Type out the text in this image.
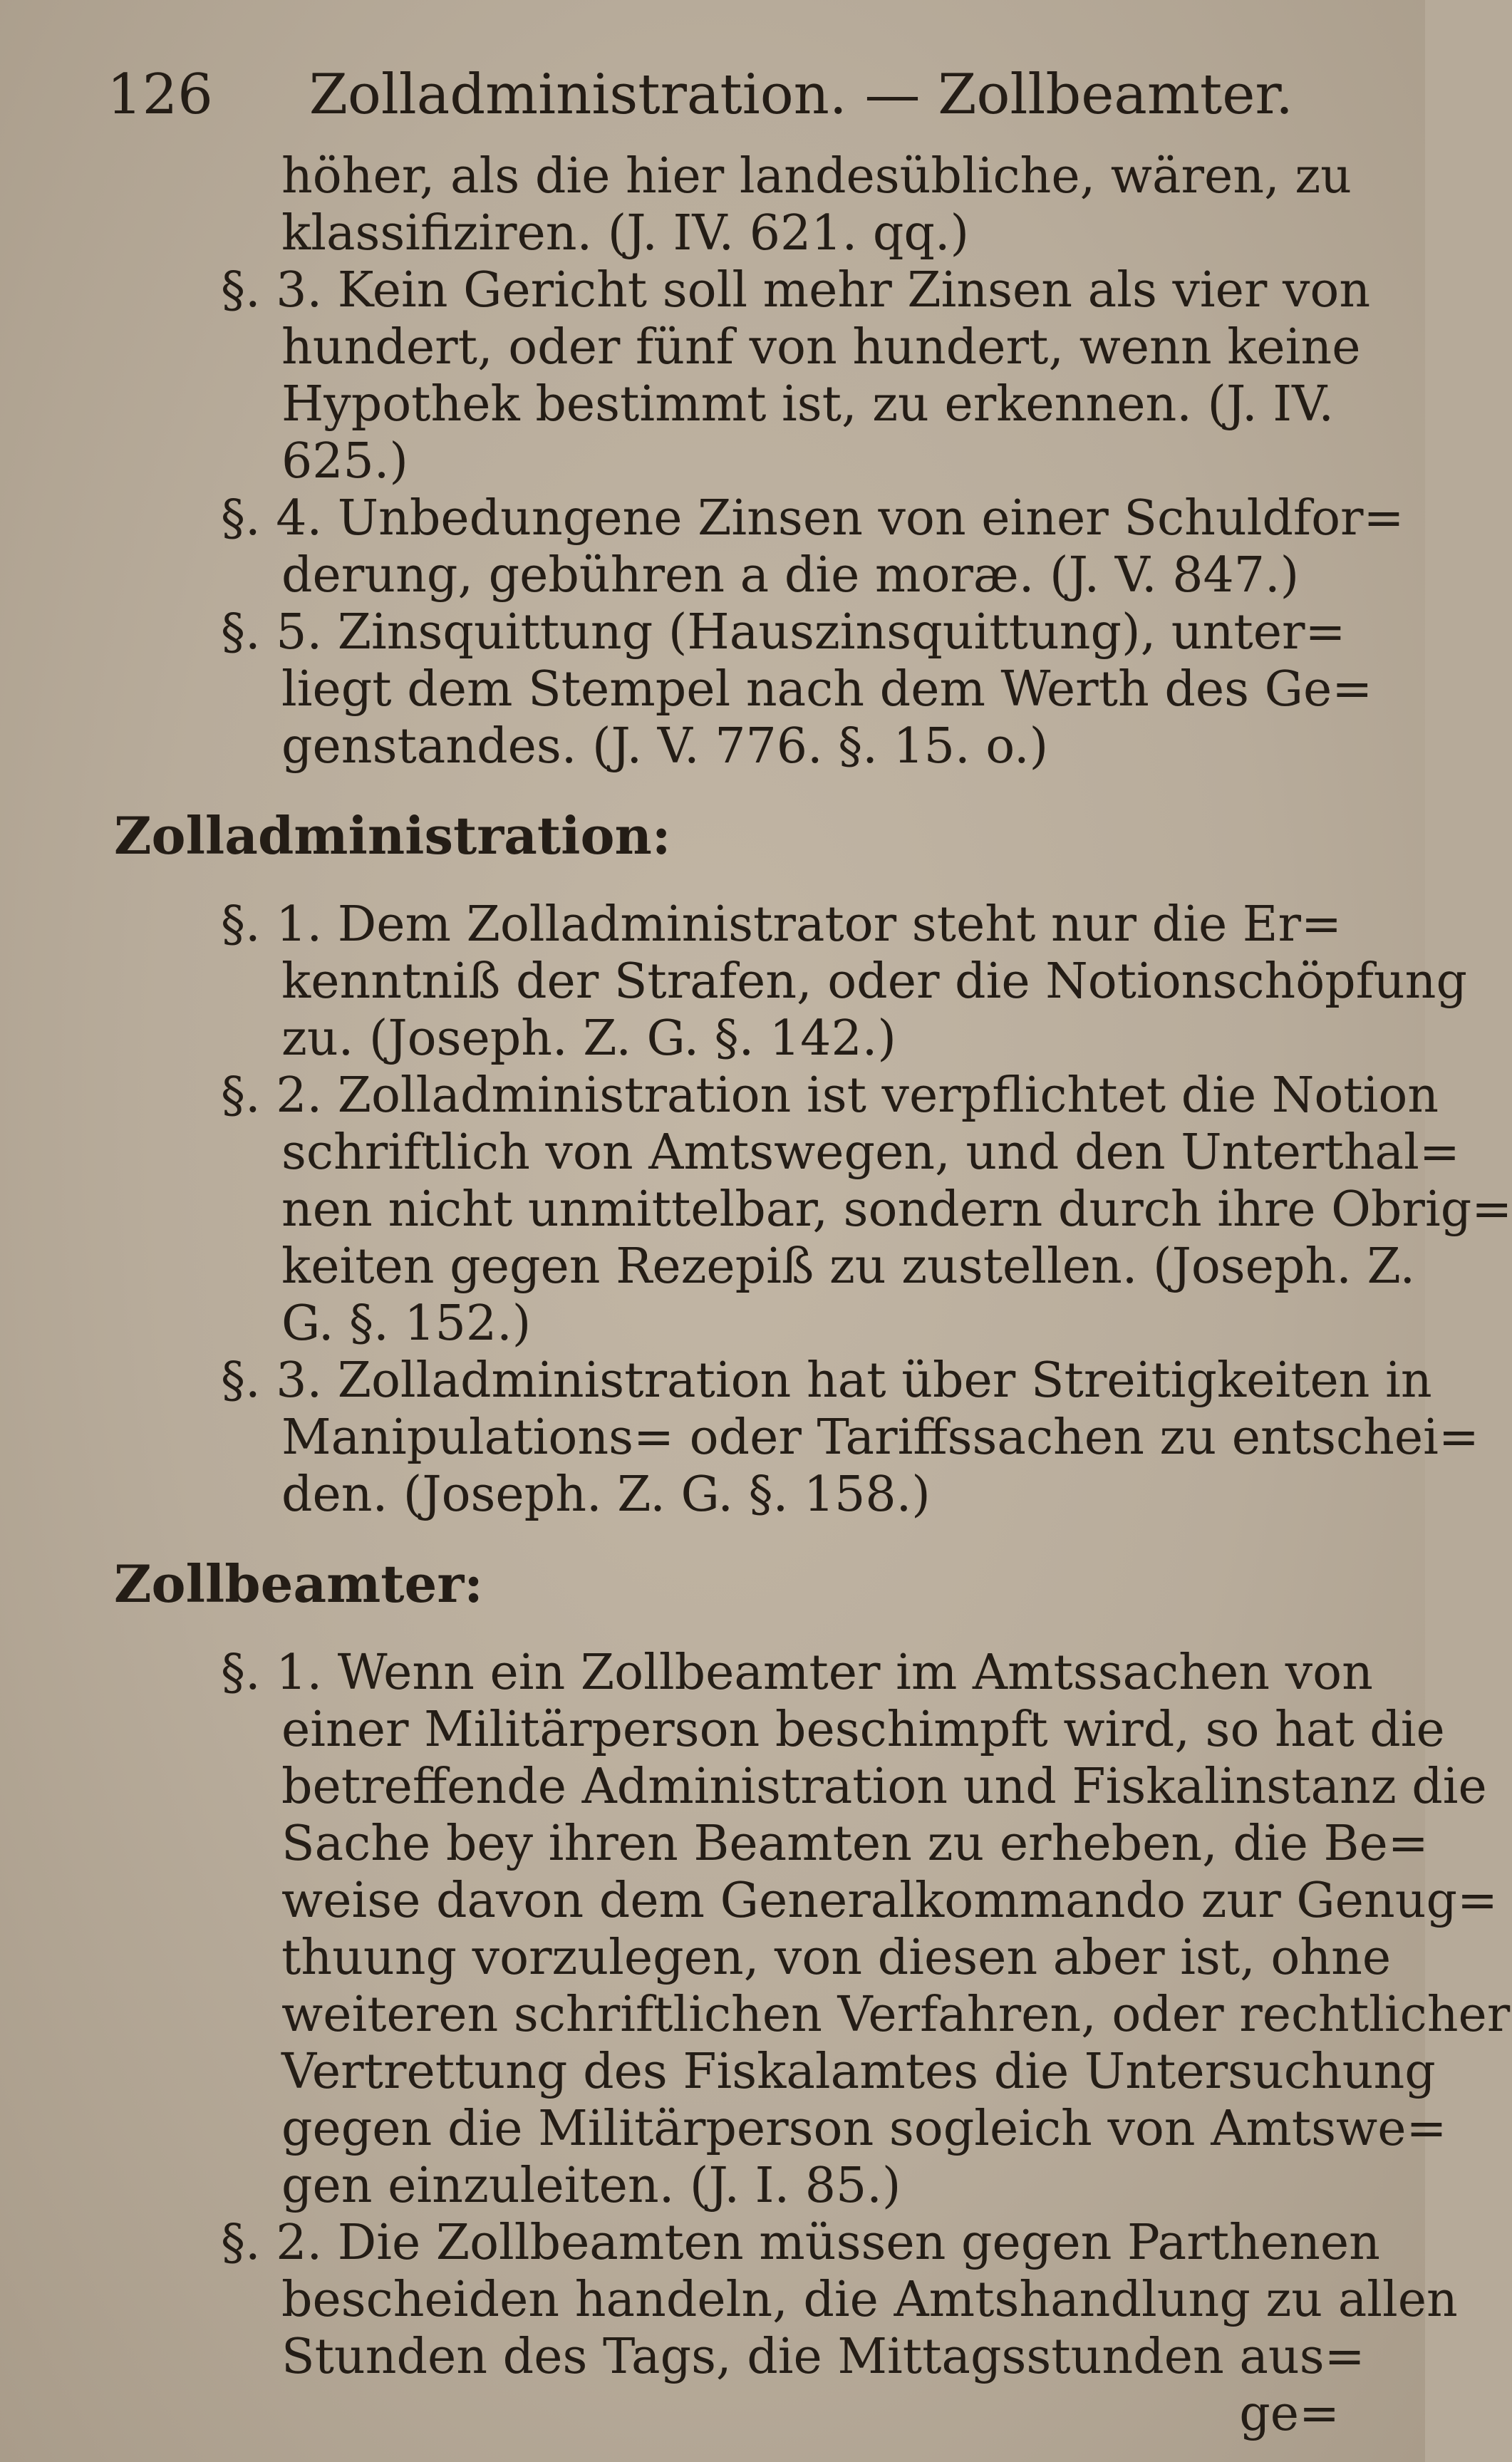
126 Zolladministration. — Zollbeamter.
höher, als die hier landesübliche, wären, zu
klassifiziren. (J. IV. 621. qq.)
§. 3. Kein Gericht soll mehr Zinsen als vier von
hundert, oder fünf von hundert, wenn keine
Hypothek bestimmt ist, zu erkennen. (J. IV.
625.)
§. 4. Unbedungene Zinsen von einer Schuldfor=
derung, gebühren a die moræ. (J. V. 847.)
§. 5. Zinsquittung (Hauszinsquittung), unter=
liegt dem Stempel nach dem Werth des Ge=
genstandes. (J. V. 776. §. 15. o.)
Zolladministration:
§. 1. Dem Zolladministrator steht nur die Er=
kenntniß der Strafen, oder die Notionschöpfung
zu. (Joseph. Z. G. §. 142.)
§. 2. Zolladministration ist verpflichtet die Notion
schriftlich von Amtswegen, und den Unterthal=
nen nicht unmittelbar, sondern durch ihre Obrig=
keiten gegen Rezepiß zu zustellen. (Joseph. Z.
G. §. 152.)
§. 3. Zolladministration hat über Streitigkeiten in
Manipulations= oder Tariffssachen zu entschei=
den. (Joseph. Z. G. §. 158.)
Zollbeamter:
§. 1. Wenn ein Zollbeamter im Amtssachen von
einer Militärperson beschimpft wird, so hat die
betreffende Administration und Fiskalinstanz die
Sache bey ihren Beamten zu erheben, die Be=
weise davon dem Generalkommando zur Genug=
thuung vorzulegen, von diesen aber ist, ohne
weiteren schriftlichen Verfahren, oder rechtlicher
Vertrettung des Fiskalamtes die Untersuchung
gegen die Militärperson sogleich von Amtswe=
gen einzuleiten. (J. I. 85.)
§. 2. Die Zollbeamten müssen gegen Parthenen
bescheiden handeln, die Amtshandlung zu allen
Stunden des Tags, die Mittagsstunden aus=
ge=
